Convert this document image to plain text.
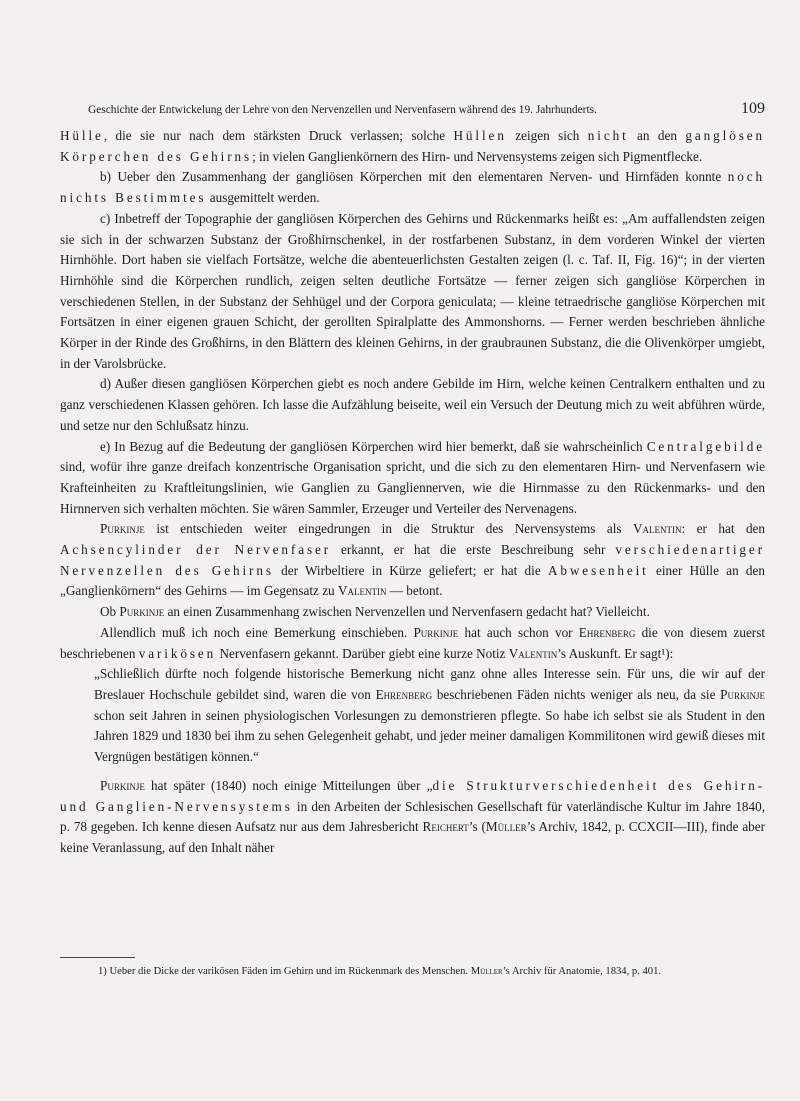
Geschichte der Entwickelung der Lehre von den Nervenzellen und Nervenfasern während des 19. Jahrhunderts.	109

Hülle, die sie nur nach dem stärksten Druck verlassen; solche Hüllen zeigen sich nicht an den ganglösen Körperchen des Gehirns; in vielen Ganglienkörnern des Hirn- und Nervensystems zeigen sich Pigmentflecke.

b) Ueber den Zusammenhang der gangliösen Körperchen mit den elementaren Nerven- und Hirnfäden konnte noch nichts Bestimmtes ausgemittelt werden.

c) Inbetreff der Topographie der gangliösen Körperchen des Gehirns und Rückenmarks heißt es: „Am auffallendsten zeigen sie sich in der schwarzen Substanz der Großhirnschenkel, in der rostfarbenen Substanz, in dem vorderen Winkel der vierten Hirnhöhle. Dort haben sie vielfach Fortsätze, welche die abenteuerlichsten Gestalten zeigen (l. c. Taf. II, Fig. 16)“; in der vierten Hirnhöhle sind die Körperchen rundlich, zeigen selten deutliche Fortsätze — ferner zeigen sich gangliöse Körperchen in verschiedenen Stellen, in der Substanz der Sehhügel und der Corpora geniculata; — kleine tetraedrische gangliöse Körperchen mit Fortsätzen in einer eigenen grauen Schicht, der gerollten Spiralplatte des Ammonshorns. — Ferner werden beschrieben ähnliche Körper in der Rinde des Großhirns, in den Blättern des kleinen Gehirns, in der graubraunen Substanz, die die Olivenkörper umgiebt, in der Varolsbrücke.

d) Außer diesen gangliösen Körperchen giebt es noch andere Gebilde im Hirn, welche keinen Centralkern enthalten und zu ganz verschiedenen Klassen gehören. Ich lasse die Aufzählung beiseite, weil ein Versuch der Deutung mich zu weit abführen würde, und setze nur den Schlußsatz hinzu.

e) In Bezug auf die Bedeutung der gangliösen Körperchen wird hier bemerkt, daß sie wahrscheinlich Centralgebilde sind, wofür ihre ganze dreifach konzentrische Organisation spricht, und die sich zu den elementaren Hirn- und Nervenfasern wie Krafteinheiten zu Kraftleitungslinien, wie Ganglien zu Gangliennerven, wie die Hirnmasse zu den Rückenmarks- und den Hirnnerven sich verhalten möchten. Sie wären Sammler, Erzeuger und Verteiler des Nervenagens.

Purkinje ist entschieden weiter eingedrungen in die Struktur des Nervensystems als Valentin: er hat den Achsencylinder der Nervenfaser erkannt, er hat die erste Beschreibung sehr verschiedenartiger Nervenzellen des Gehirns der Wirbeltiere in Kürze geliefert; er hat die Abwesenheit einer Hülle an den „Ganglienkörnern“ des Gehirns — im Gegensatz zu Valentin — betont.

Ob Purkinje an einen Zusammenhang zwischen Nervenzellen und Nervenfasern gedacht hat? Vielleicht.

Allendlich muß ich noch eine Bemerkung einschieben. Purkinje hat auch schon vor Ehrenberg die von diesem zuerst beschriebenen varikösen Nervenfasern gekannt. Darüber giebt eine kurze Notiz Valentin’s Auskunft. Er sagt¹):

„Schließlich dürfte noch folgende historische Bemerkung nicht ganz ohne alles Interesse sein. Für uns, die wir auf der Breslauer Hochschule gebildet sind, waren die von Ehrenberg beschriebenen Fäden nichts weniger als neu, da sie Purkinje schon seit Jahren in seinen physiologischen Vorlesungen zu demonstrieren pflegte. So habe ich selbst sie als Student in den Jahren 1829 und 1830 bei ihm zu sehen Gelegenheit gehabt, und jeder meiner damaligen Kommilitonen wird gewiß dieses mit Vergnügen bestätigen können.“

Purkinje hat später (1840) noch einige Mitteilungen über „die Strukturverschiedenheit des Gehirn- und Ganglien-Nervensystems in den Arbeiten der Schlesischen Gesellschaft für vaterländische Kultur im Jahre 1840, p. 78 gegeben. Ich kenne diesen Aufsatz nur aus dem Jahresbericht Reichert’s (Müller’s Archiv, 1842, p. CCXCII—III), finde aber keine Veranlassung, auf den Inhalt näher

1) Ueber die Dicke der varikösen Fäden im Gehirn und im Rückenmark des Menschen. Müller’s Archiv für Anatomie, 1834, p. 401.
